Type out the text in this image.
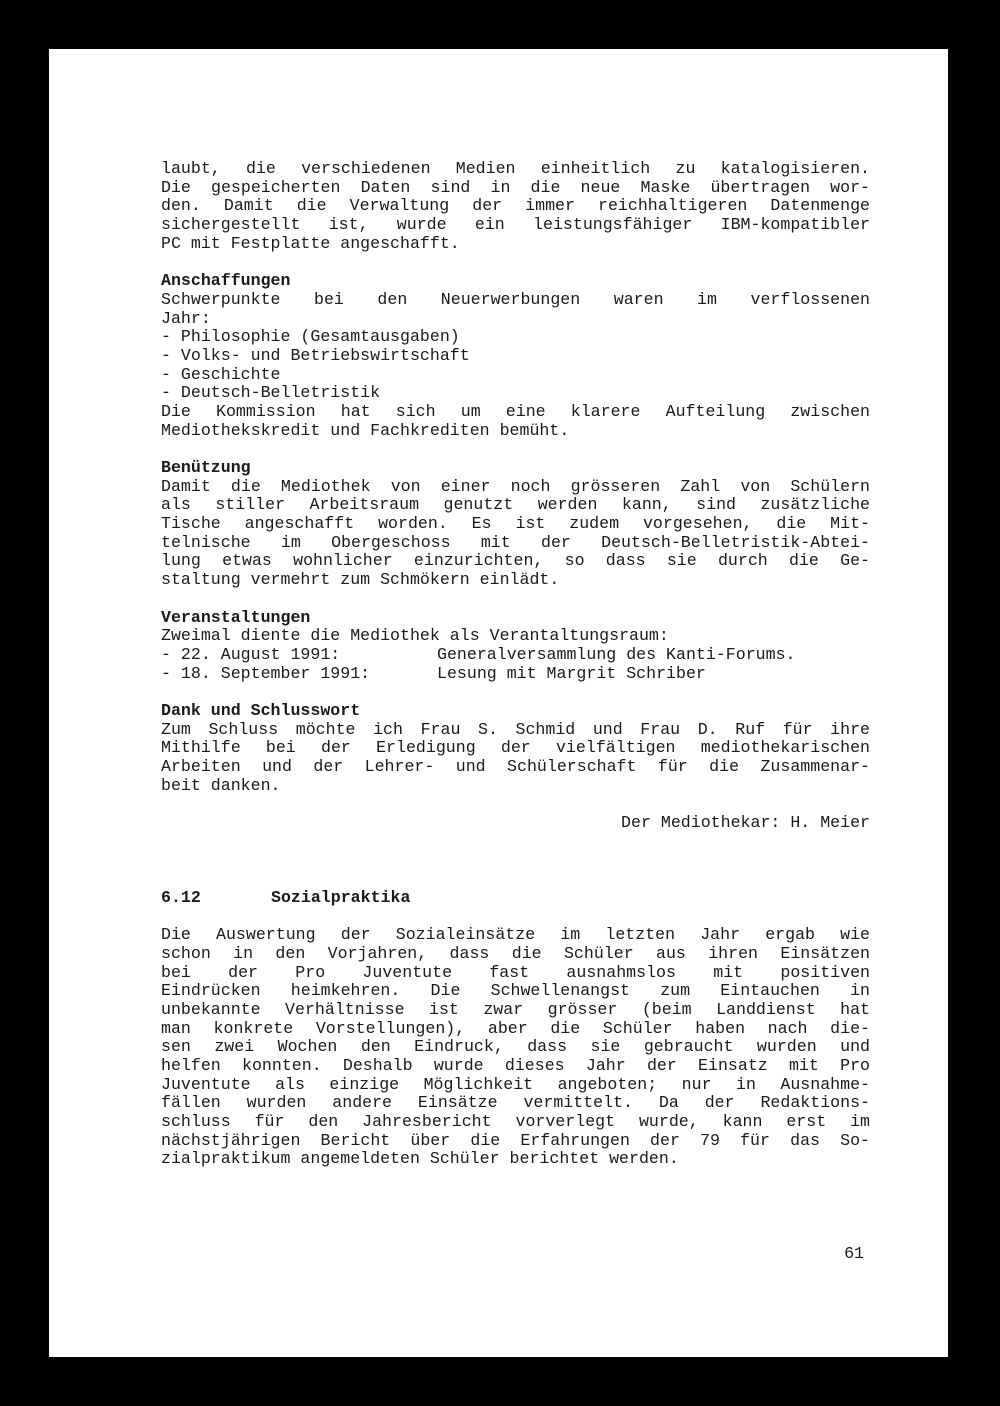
laubt, die verschiedenen Medien einheitlich zu katalogisieren.
Die gespeicherten Daten sind in die neue Maske übertragen wor-
den. Damit die Verwaltung der immer reichhaltigeren Datenmenge
sichergestellt ist, wurde ein leistungsfähiger IBM-kompatibler
PC mit Festplatte angeschafft.
Anschaffungen
Schwerpunkte bei den Neuerwerbungen waren im verflossenen
Jahr:
- Philosophie (Gesamtausgaben)
- Volks- und Betriebswirtschaft
- Geschichte
- Deutsch-Belletristik
Die Kommission hat sich um eine klarere Aufteilung zwischen
Mediothekskredit und Fachkrediten bemüht.
Benützung
Damit die Mediothek von einer noch grösseren Zahl von Schülern
als stiller Arbeitsraum genutzt werden kann, sind zusätzliche
Tische angeschafft worden. Es ist zudem vorgesehen, die Mit-
telnische im Obergeschoss mit der Deutsch-Belletristik-Abtei-
lung etwas wohnlicher einzurichten, so dass sie durch die Ge-
staltung vermehrt zum Schmökern einlädt.
Veranstaltungen
Zweimal diente die Mediothek als Verantaltungsraum:
- 22. August 1991:	Generalversammlung des Kanti-Forums.
- 18. September 1991:	Lesung mit Margrit Schriber
Dank und Schlusswort
Zum Schluss möchte ich Frau S. Schmid und Frau D. Ruf für ihre
Mithilfe bei der Erledigung der vielfältigen mediothekarischen
Arbeiten und der Lehrer- und Schülerschaft für die Zusammenar-
beit danken.
Der Mediothekar: H. Meier
6.12	Sozialpraktika
Die Auswertung der Sozialeinsätze im letzten Jahr ergab wie
schon in den Vorjahren, dass die Schüler aus ihren Einsätzen
bei der Pro Juventute fast ausnahmslos mit positiven
Eindrücken heimkehren. Die Schwellenangst zum Eintauchen in
unbekannte Verhältnisse ist zwar grösser (beim Landdienst hat
man konkrete Vorstellungen), aber die Schüler haben nach die-
sen zwei Wochen den Eindruck, dass sie gebraucht wurden und
helfen konnten. Deshalb wurde dieses Jahr der Einsatz mit Pro
Juventute als einzige Möglichkeit angeboten; nur in Ausnahme-
fällen wurden andere Einsätze vermittelt. Da der Redaktions-
schluss für den Jahresbericht vorverlegt wurde, kann erst im
nächstjährigen Bericht über die Erfahrungen der 79 für das So-
zialpraktikum angemeldeten Schüler berichtet werden.
61
